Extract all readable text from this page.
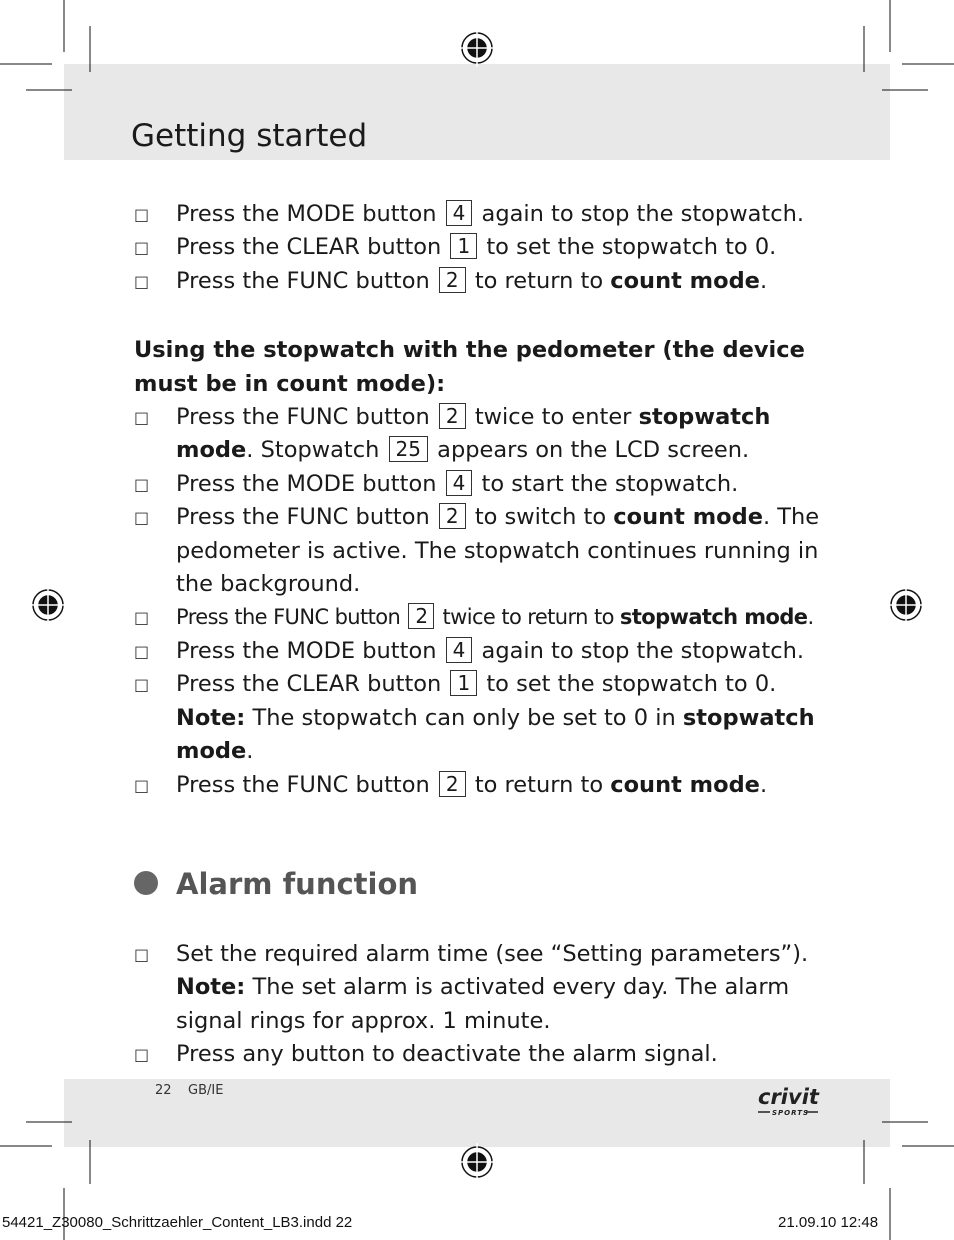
Getting started
□ Press the MODE button 4 again to stop the stopwatch.
□ Press the CLEAR button 1 to set the stopwatch to 0.
□ Press the FUNC button 2 to return to count mode.
Using the stopwatch with the pedometer (the device must be in count mode):
□ Press the FUNC button 2 twice to enter stopwatch mode. Stopwatch 25 appears on the LCD screen.
□ Press the MODE button 4 to start the stopwatch.
□ Press the FUNC button 2 to switch to count mode. The pedometer is active. The stopwatch continues running in the background.
□ Press the FUNC button 2 twice to return to stopwatch mode.
□ Press the MODE button 4 again to stop the stopwatch.
□ Press the CLEAR button 1 to set the stopwatch to 0.
Note: The stopwatch can only be set to 0 in stopwatch mode.
□ Press the FUNC button 2 to return to count mode.
Alarm function
□ Set the required alarm time (see “Setting parameters”).
Note: The set alarm is activated every day. The alarm signal rings for approx. 1 minute.
□ Press any button to deactivate the alarm signal.
22 GB/IE	crivit
SPORTS
54421_Z30080_Schrittzaehler_Content_LB3.indd 22	21.09.10 12:48
